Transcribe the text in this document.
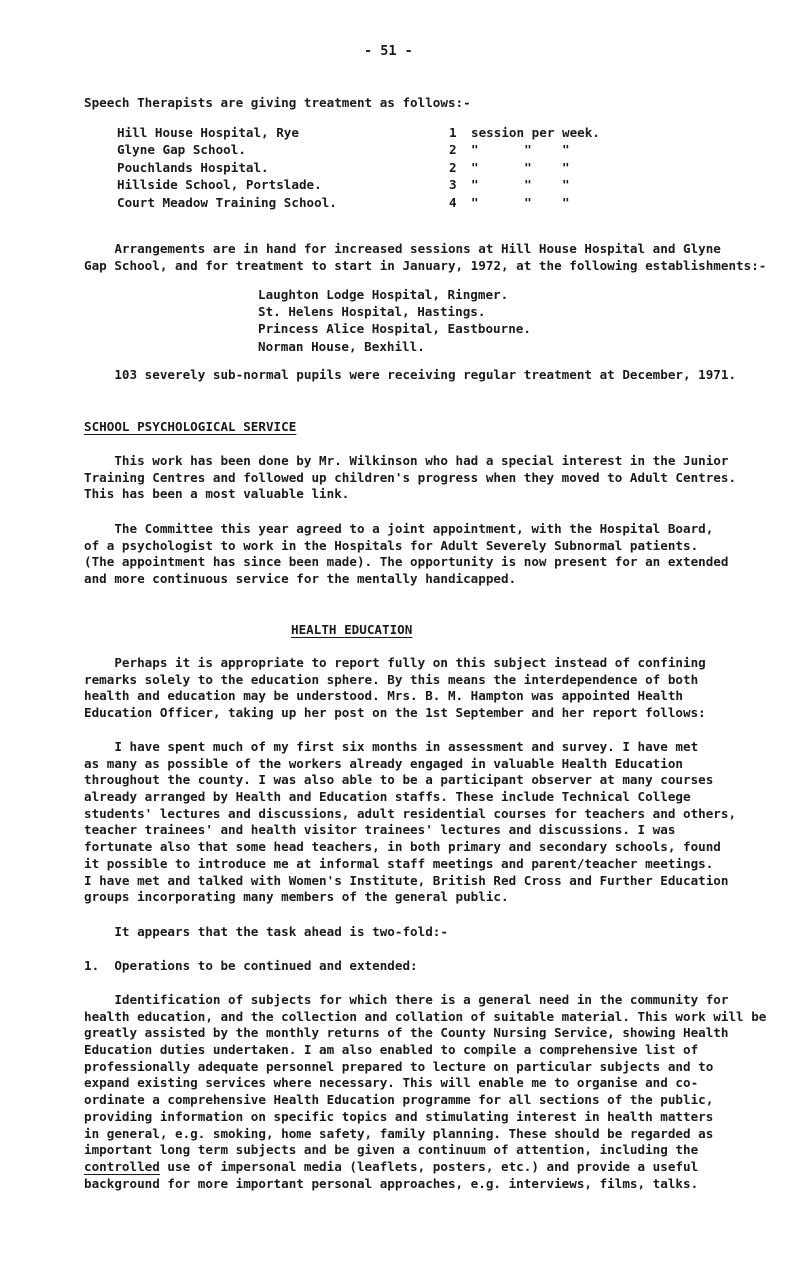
- 51 -
Speech Therapists are giving treatment as follows:-
Hill House Hospital, Rye	1	session per week.
Glyne Gap School.	2	"      "    "
Pouchlands Hospital.	2	"      "    "
Hillside School, Portslade.	3	"      "    "
Court Meadow Training School.	4	"      "    "
Arrangements are in hand for increased sessions at Hill House Hospital and Glyne
Gap School, and for treatment to start in January, 1972, at the following establishments:-
Laughton Lodge Hospital, Ringmer.
St. Helens Hospital, Hastings.
Princess Alice Hospital, Eastbourne.
Norman House, Bexhill.
103 severely sub-normal pupils were receiving regular treatment at December, 1971.
SCHOOL PSYCHOLOGICAL SERVICE
This work has been done by Mr. Wilkinson who had a special interest in the Junior
Training Centres and followed up children's progress when they moved to Adult Centres.
This has been a most valuable link.
The Committee this year agreed to a joint appointment, with the Hospital Board,
of a psychologist to work in the Hospitals for Adult Severely Subnormal patients.
(The appointment has since been made). The opportunity is now present for an extended
and more continuous service for the mentally handicapped.
HEALTH EDUCATION
Perhaps it is appropriate to report fully on this subject instead of confining
remarks solely to the education sphere. By this means the interdependence of both
health and education may be understood. Mrs. B. M. Hampton was appointed Health
Education Officer, taking up her post on the 1st September and her report follows:
I have spent much of my first six months in assessment and survey. I have met
as many as possible of the workers already engaged in valuable Health Education
throughout the county. I was also able to be a participant observer at many courses
already arranged by Health and Education staffs. These include Technical College
students' lectures and discussions, adult residential courses for teachers and others,
teacher trainees' and health visitor trainees' lectures and discussions. I was
fortunate also that some head teachers, in both primary and secondary schools, found
it possible to introduce me at informal staff meetings and parent/teacher meetings.
I have met and talked with Women's Institute, British Red Cross and Further Education
groups incorporating many members of the general public.
It appears that the task ahead is two-fold:-
1.  Operations to be continued and extended:
Identification of subjects for which there is a general need in the community for
health education, and the collection and collation of suitable material. This work will be
greatly assisted by the monthly returns of the County Nursing Service, showing Health
Education duties undertaken. I am also enabled to compile a comprehensive list of
professionally adequate personnel prepared to lecture on particular subjects and to
expand existing services where necessary. This will enable me to organise and co-
ordinate a comprehensive Health Education programme for all sections of the public,
providing information on specific topics and stimulating interest in health matters
in general, e.g. smoking, home safety, family planning. These should be regarded as
important long term subjects and be given a continuum of attention, including the
controlled use of impersonal media (leaflets, posters, etc.) and provide a useful
background for more important personal approaches, e.g. interviews, films, talks.
